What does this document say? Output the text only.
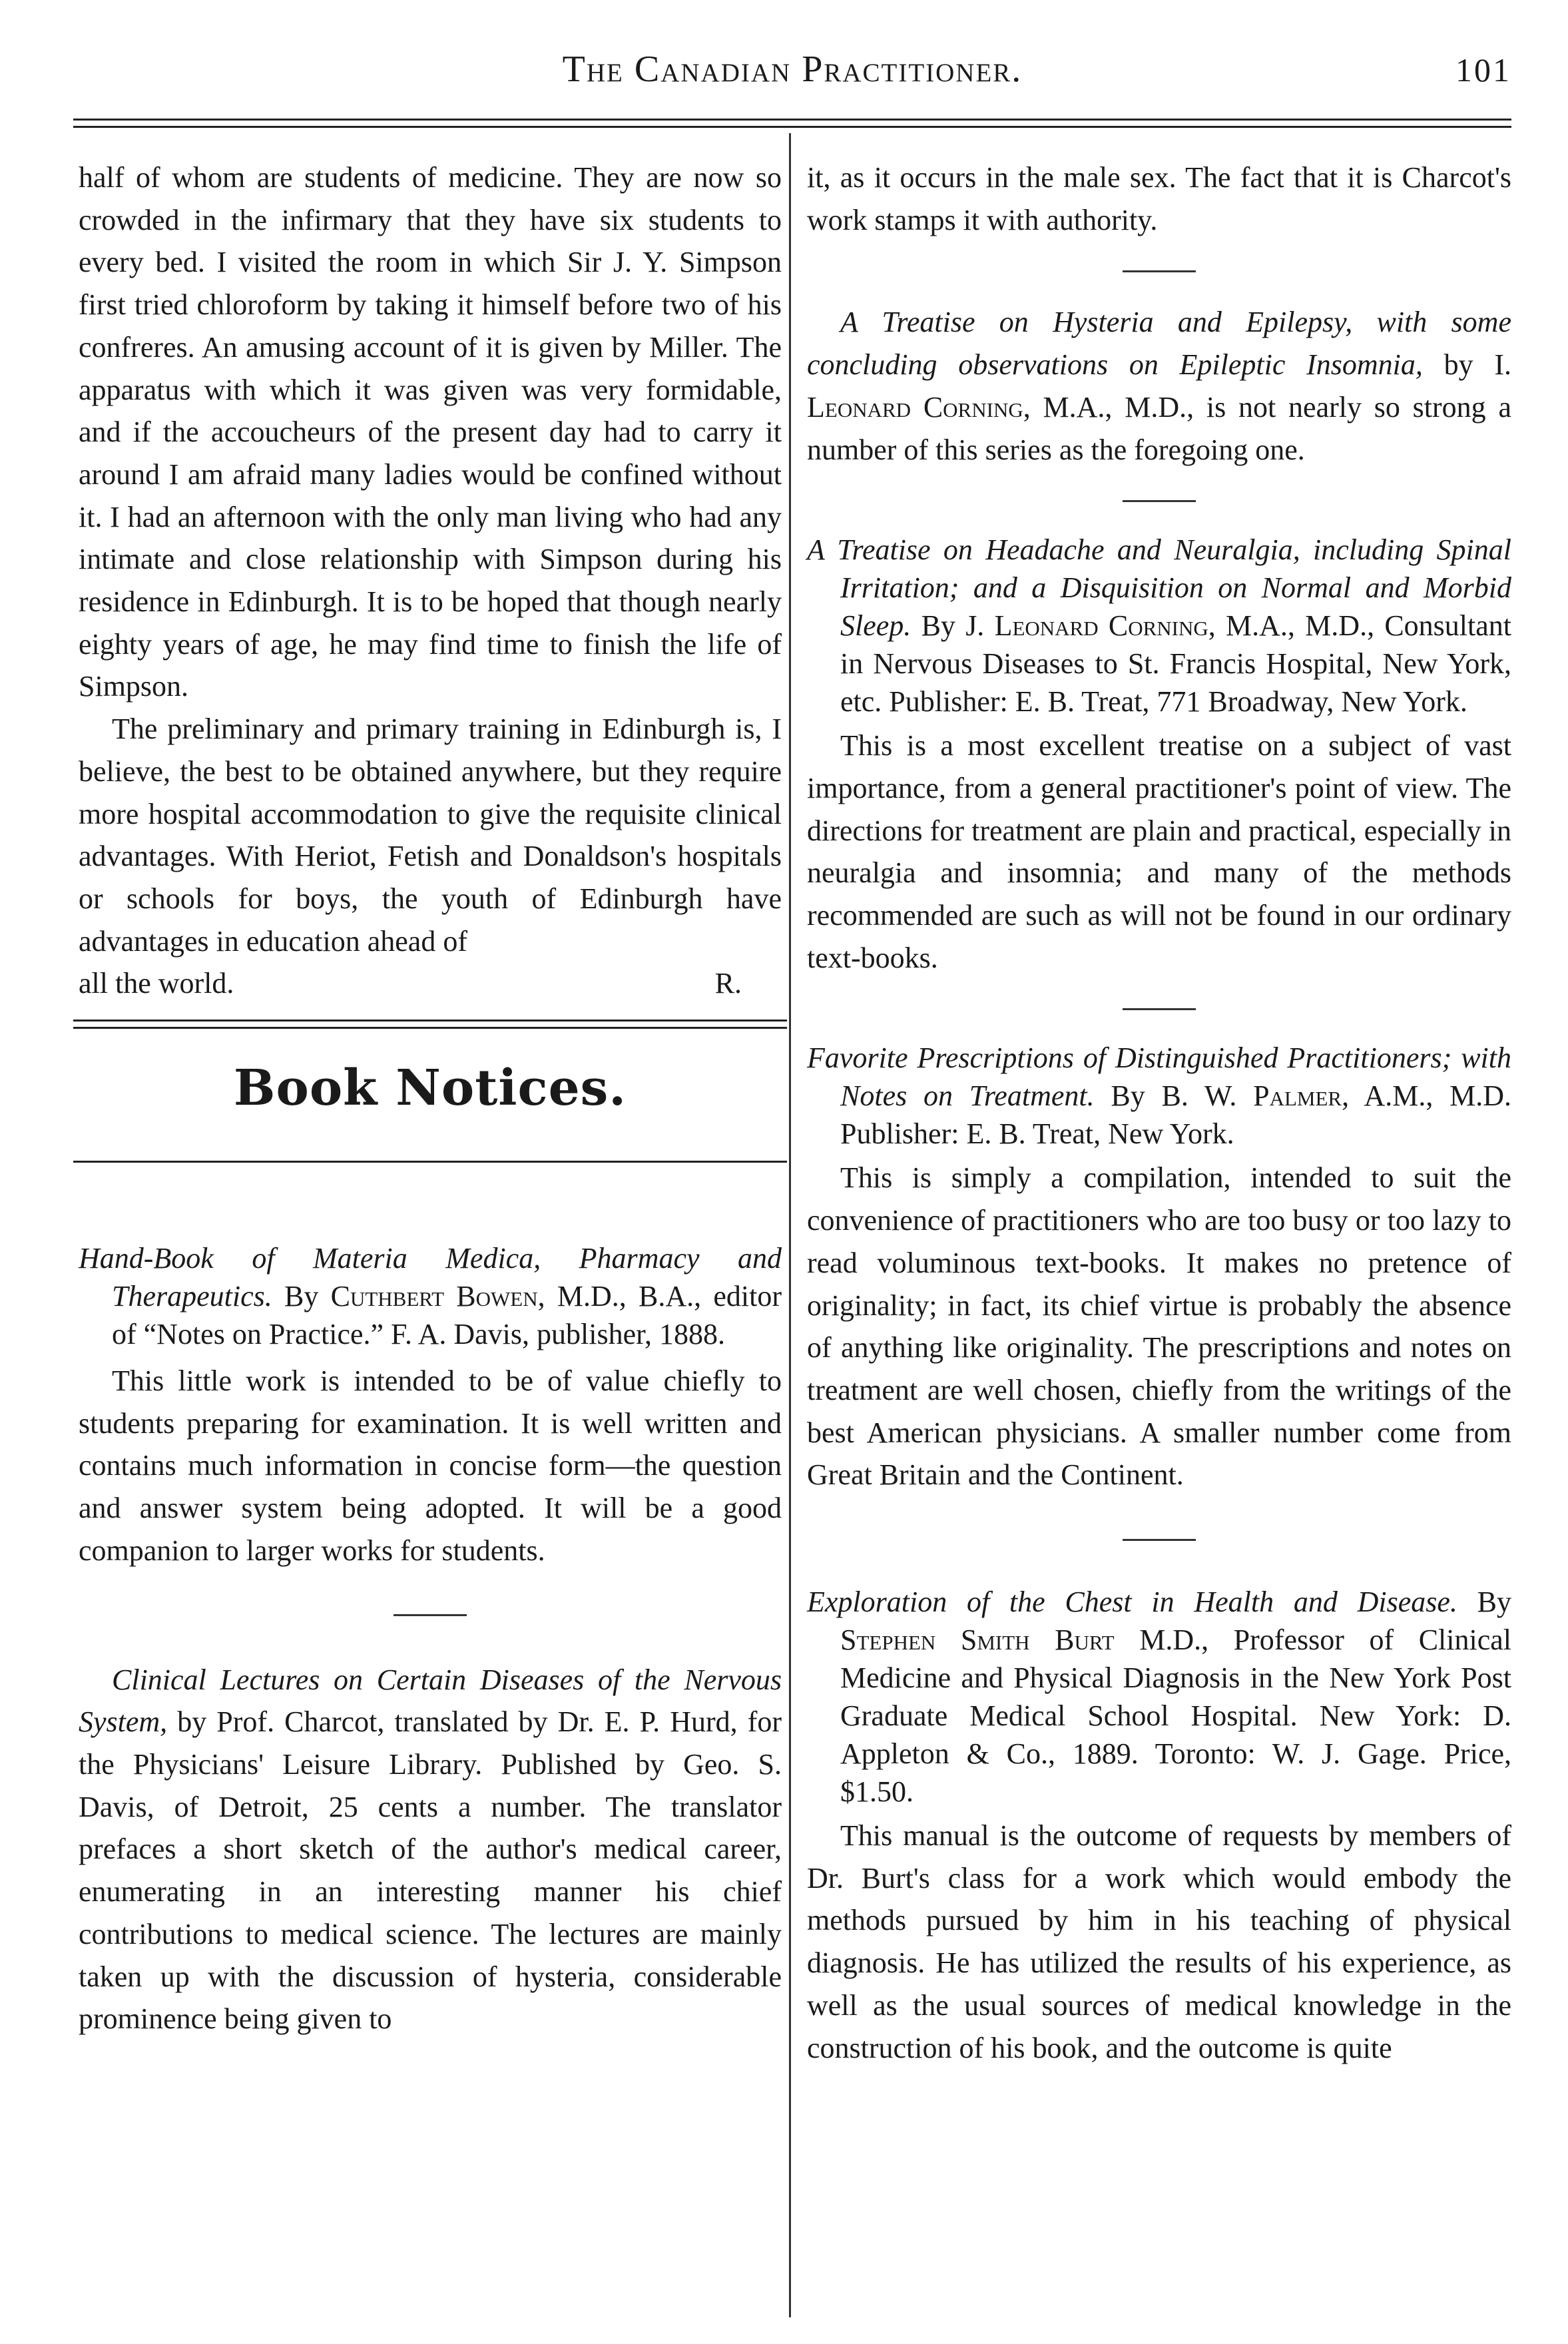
The Canadian Practitioner.	101

half of whom are students of medicine. They are now so crowded in the infirmary that they have six students to every bed. I visited the room in which Sir J. Y. Simpson first tried chloroform by taking it himself before two of his confreres. An amusing account of it is given by Miller. The apparatus with which it was given was very formidable, and if the accoucheurs of the present day had to carry it around I am afraid many ladies would be confined without it. I had an afternoon with the only man living who had any intimate and close relationship with Simpson during his residence in Edinburgh. It is to be hoped that though nearly eighty years of age, he may find time to finish the life of Simpson.

The preliminary and primary training in Edinburgh is, I believe, the best to be obtained anywhere, but they require more hospital accommodation to give the requisite clinical advantages. With Heriot, Fetish and Donaldson's hospitals or schools for boys, the youth of Edinburgh have advantages in education ahead of

all the world.	R.
Book Notices.

Hand-Book of Materia Medica, Pharmacy and Therapeutics. By Cuthbert Bowen, M.D., B.A., editor of “Notes on Practice.” F. A. Davis, publisher, 1888.

This little work is intended to be of value chiefly to students preparing for examination. It is well written and contains much information in concise form—the question and answer system being adopted. It will be a good companion to larger works for students.

Clinical Lectures on Certain Diseases of the Nervous System, by Prof. Charcot, translated by Dr. E. P. Hurd, for the Physicians' Leisure Library. Published by Geo. S. Davis, of Detroit, 25 cents a number. The translator prefaces a short sketch of the author's medical career, enumerating in an interesting manner his chief contributions to medical science. The lectures are mainly taken up with the discussion of hysteria, considerable prominence being given to

it, as it occurs in the male sex. The fact that it is Charcot's work stamps it with authority.

A Treatise on Hysteria and Epilepsy, with some concluding observations on Epileptic Insomnia, by I. Leonard Corning, M.A., M.D., is not nearly so strong a number of this series as the foregoing one.

A Treatise on Headache and Neuralgia, including Spinal Irritation; and a Disquisition on Normal and Morbid Sleep. By J. Leonard Corning, M.A., M.D., Consultant in Nervous Diseases to St. Francis Hospital, New York, etc. Publisher: E. B. Treat, 771 Broadway, New York.

This is a most excellent treatise on a subject of vast importance, from a general practitioner's point of view. The directions for treatment are plain and practical, especially in neuralgia and insomnia; and many of the methods recommended are such as will not be found in our ordinary text-books.

Favorite Prescriptions of Distinguished Practitioners; with Notes on Treatment. By B. W. Palmer, A.M., M.D. Publisher: E. B. Treat, New York.

This is simply a compilation, intended to suit the convenience of practitioners who are too busy or too lazy to read voluminous text-books. It makes no pretence of originality; in fact, its chief virtue is probably the absence of anything like originality. The prescriptions and notes on treatment are well chosen, chiefly from the writings of the best American physicians. A smaller number come from Great Britain and the Continent.

Exploration of the Chest in Health and Disease. By Stephen Smith Burt M.D., Professor of Clinical Medicine and Physical Diagnosis in the New York Post Graduate Medical School Hospital. New York: D. Appleton & Co., 1889. Toronto: W. J. Gage. Price, $1.50.

This manual is the outcome of requests by members of Dr. Burt's class for a work which would embody the methods pursued by him in his teaching of physical diagnosis. He has utilized the results of his experience, as well as the usual sources of medical knowledge in the construction of his book, and the outcome is quite
